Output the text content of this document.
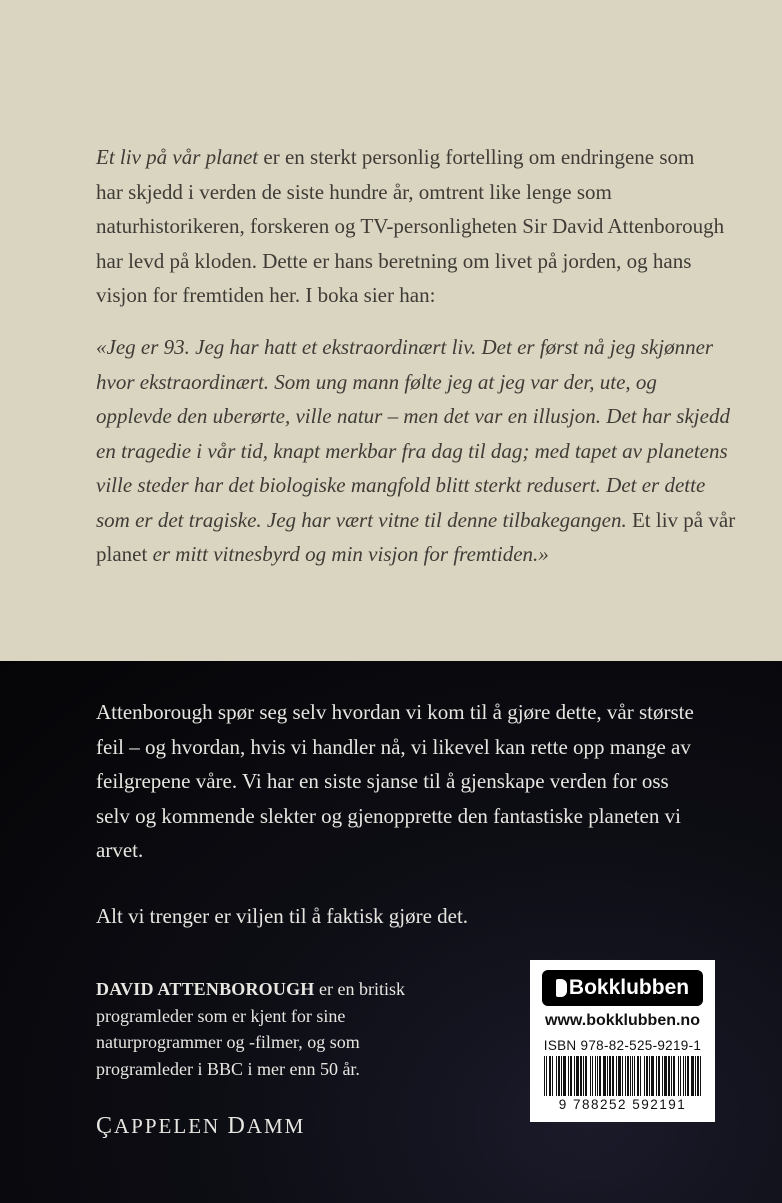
Et liv på vår planet er en sterkt personlig fortelling om endringene som har skjedd i verden de siste hundre år, omtrent like lenge som naturhistorikeren, forskeren og TV-personligheten Sir David Attenborough har levd på kloden. Dette er hans beretning om livet på jorden, og hans visjon for fremtiden her. I boka sier han:

«Jeg er 93. Jeg har hatt et ekstraordinært liv. Det er først nå jeg skjønner hvor ekstraordinært. Som ung mann følte jeg at jeg var der, ute, og opplevde den uberørte, ville natur – men det var en illusjon. Det har skjedd en tragedie i vår tid, knapt merkbar fra dag til dag; med tapet av planetens ville steder har det biologiske mangfold blitt sterkt redusert. Det er dette som er det tragiske. Jeg har vært vitne til denne tilbakegangen. Et liv på vår planet er mitt vitnesbyrd og min visjon for fremtiden.»

Attenborough spør seg selv hvordan vi kom til å gjøre dette, vår største feil – og hvordan, hvis vi handler nå, vi likevel kan rette opp mange av feilgrepene våre. Vi har en siste sjanse til å gjenskape verden for oss selv og kommende slekter og gjenopprette den fantastiske planeten vi arvet.

Alt vi trenger er viljen til å faktisk gjøre det.

DAVID ATTENBOROUGH er en britisk programleder som er kjent for sine naturprogrammer og -filmer, og som programleder i BBC i mer enn 50 år.

ÇAPPELEN DAMM
Bokklubben
www.bokklubben.no
ISBN 978-82-525-9219-1
9 788252 592191
